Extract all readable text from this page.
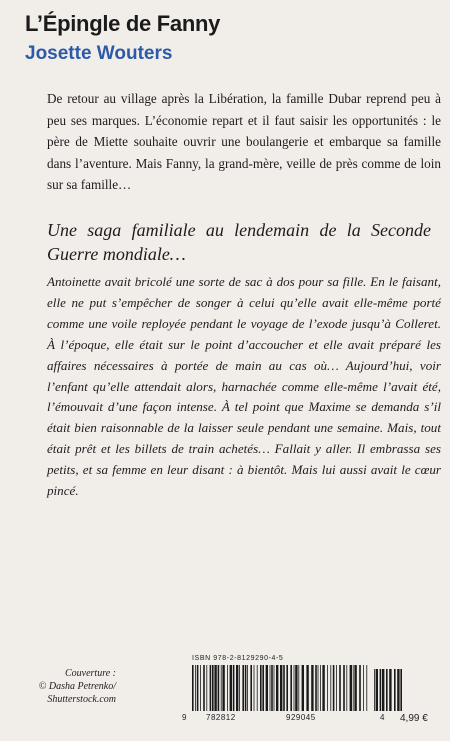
L’Épingle de Fanny
Josette Wouters

De retour au village après la Libération, la famille Dubar reprend peu à peu ses marques. L’économie repart et il faut saisir les opportunités : le père de Miette souhaite ouvrir une boulangerie et embarque sa famille dans l’aventure. Mais Fanny, la grand-mère, veille de près comme de loin sur sa famille…

Une saga familiale au lendemain de la Seconde Guerre mondiale…

Antoinette avait bricolé une sorte de sac à dos pour sa fille. En le faisant, elle ne put s’empêcher de songer à celui qu’elle avait elle-même porté comme une voile reployée pendant le voyage de l’exode jusqu’à Colleret. À l’époque, elle était sur le point d’accoucher et elle avait préparé les affaires nécessaires à portée de main au cas où… Aujourd’hui, voir l’enfant qu’elle attendait alors, harnachée comme elle-même l’avait été, l’émouvait d’une façon intense. À tel point que Maxime se demanda s’il était bien raisonnable de la laisser seule pendant une semaine. Mais, tout était prêt et les billets de train achetés… Fallait y aller. Il embrassa ses petits, et sa femme en leur disant : à bientôt. Mais lui aussi avait le cœur pincé.

Couverture :
© Dasha Petrenko/
Shutterstock.com
ISBN 978-2-8129290-4-5
9 782812	929045	4 4,99 €
